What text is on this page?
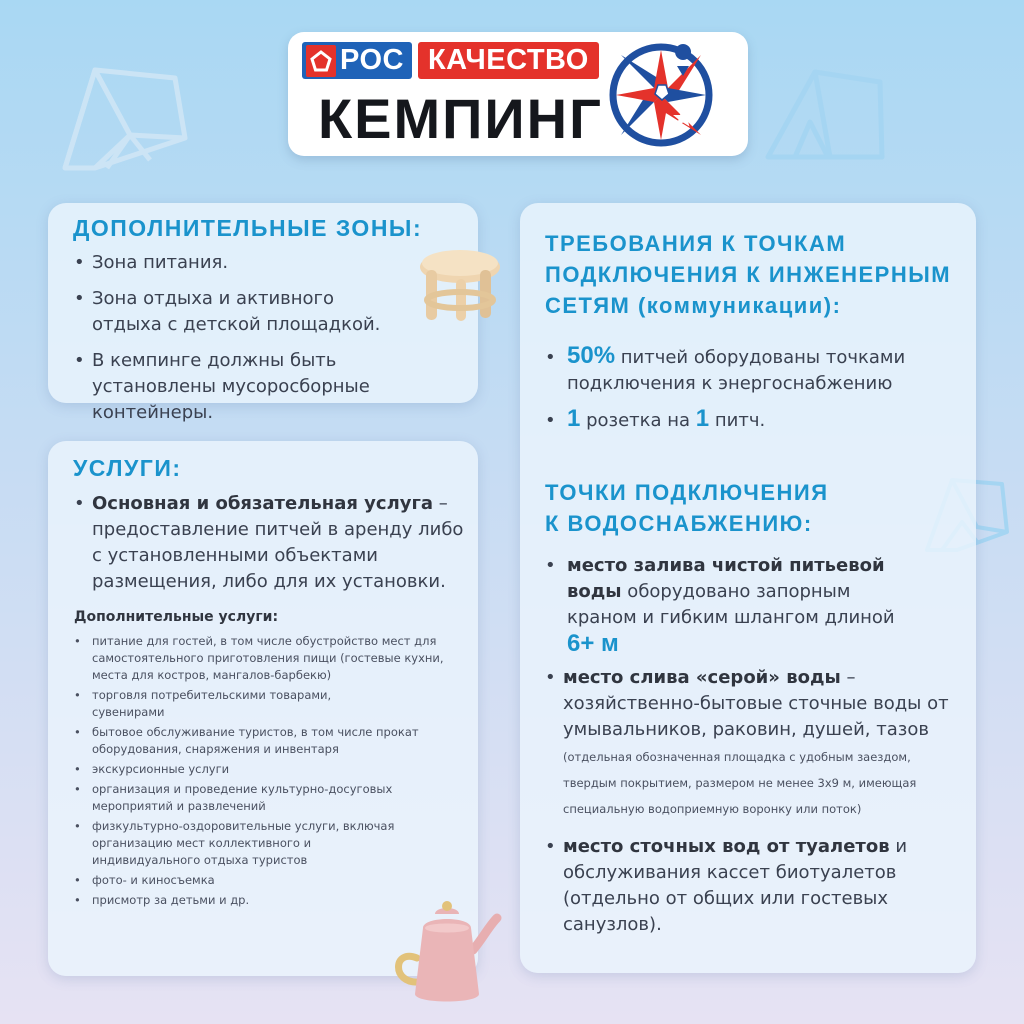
РОС КАЧЕСТВО
КЕМПИНГ
ДОПОЛНИТЕЛЬНЫЕ ЗОНЫ:
• Зона питания.
• Зона отдыха и активного отдыха с детской площадкой.
• В кемпинге должны быть установлены мусоросборные контейнеры.
УСЛУГИ:
• Основная и обязательная услуга – предоставление питчей в аренду либо с установленными объектами размещения, либо для их установки.
Дополнительные услуги:
• питание для гостей, в том числе обустройство мест для самостоятельного приготовления пищи (гостевые кухни, места для костров, мангалов-барбекю)
• торговля потребительскими товарами, сувенирами
• бытовое обслуживание туристов, в том числе прокат оборудования, снаряжения и инвентаря
• экскурсионные услуги
• организация и проведение культурно-досуговых мероприятий и развлечений
• физкультурно-оздоровительные услуги, включая организацию мест коллективного и индивидуального отдыха туристов
• фото- и киносъемка
• присмотр за детьми и др.
ТРЕБОВАНИЯ К ТОЧКАМ ПОДКЛЮЧЕНИЯ К ИНЖЕНЕРНЫМ СЕТЯМ (коммуникации):
• 50% питчей оборудованы точками подключения к энергоснабжению
• 1 розетка на 1 питч.
ТОЧКИ ПОДКЛЮЧЕНИЯ К ВОДОСНАБЖЕНИЮ:
• место залива чистой питьевой воды оборудовано запорным краном и гибким шлангом длиной 6+ м
• место слива «серой» воды – хозяйственно-бытовые сточные воды от умывальников, раковин, душей, тазов (отдельная обозначенная площадка с удобным заездом, твердым покрытием, размером не менее 3х9 м, имеющая специальную водоприемную воронку или поток)
• место сточных вод от туалетов и обслуживания кассет биотуалетов (отдельно от общих или гостевых санузлов).
